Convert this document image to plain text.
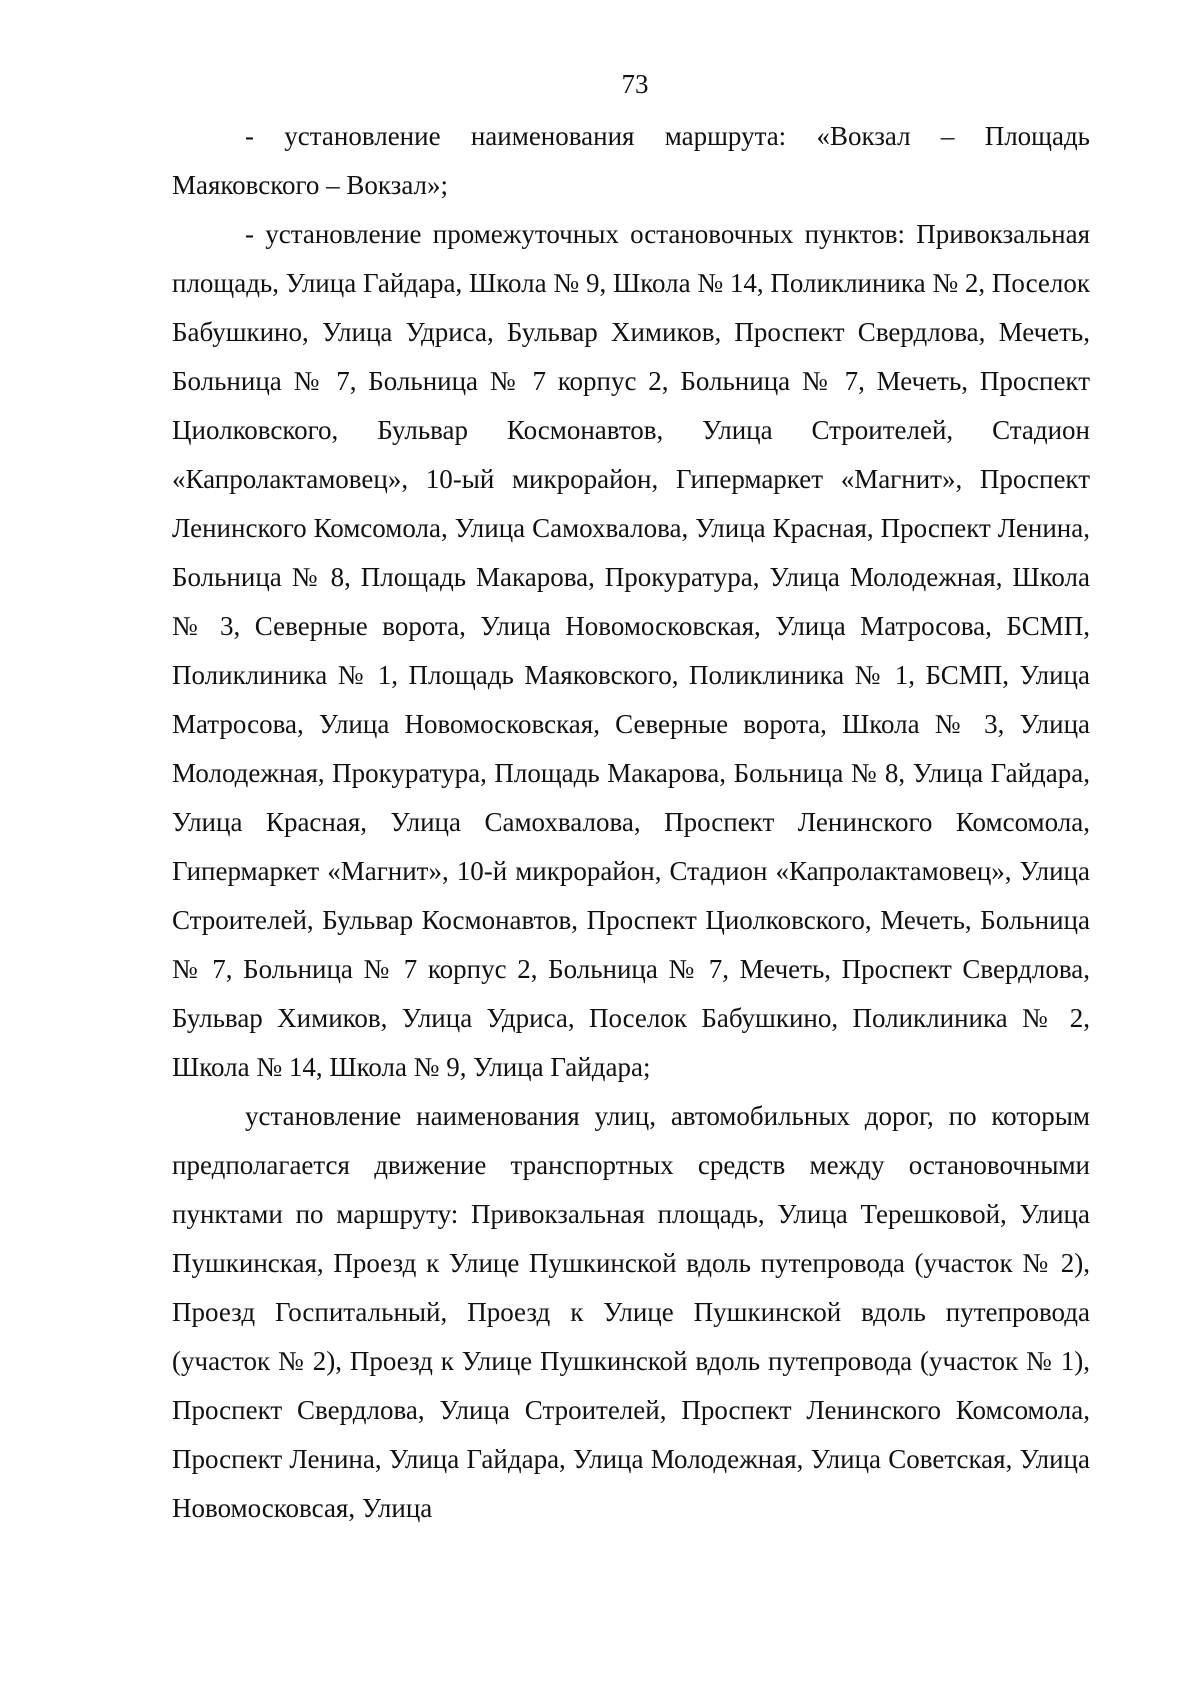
73

- установление наименования маршрута: «Вокзал – Площадь Маяковского – Вокзал»;

- установление промежуточных остановочных пунктов: Привокзальная площадь, Улица Гайдара, Школа № 9, Школа № 14, Поликлиника № 2, Поселок Бабушкино, Улица Удриса, Бульвар Химиков, Проспект Свердлова, Мечеть, Больница № 7, Больница № 7 корпус 2, Больница № 7, Мечеть, Проспект Циолковского, Бульвар Космонавтов, Улица Строителей, Стадион «Капролактамовец», 10-ый микрорайон, Гипермаркет «Магнит», Проспект Ленинского Комсомола, Улица Самохвалова, Улица Красная, Проспект Ленина, Больница № 8, Площадь Макарова, Прокуратура, Улица Молодежная, Школа № 3, Северные ворота, Улица Новомосковская, Улица Матросова, БСМП, Поликлиника № 1, Площадь Маяковского, Поликлиника № 1, БСМП, Улица Матросова, Улица Новомосковская, Северные ворота, Школа № 3, Улица Молодежная, Прокуратура, Площадь Макарова, Больница № 8, Улица Гайдара, Улица Красная, Улица Самохвалова, Проспект Ленинского Комсомола, Гипермаркет «Магнит», 10-й микрорайон, Стадион «Капролактамовец», Улица Строителей, Бульвар Космонавтов, Проспект Циолковского, Мечеть, Больница № 7, Больница № 7 корпус 2, Больница № 7, Мечеть, Проспект Свердлова, Бульвар Химиков, Улица Удриса, Поселок Бабушкино, Поликлиника № 2, Школа № 14, Школа № 9, Улица Гайдара;

установление наименования улиц, автомобильных дорог, по которым предполагается движение транспортных средств между остановочными пунктами по маршруту: Привокзальная площадь, Улица Терешковой, Улица Пушкинская, Проезд к Улице Пушкинской вдоль путепровода (участок № 2), Проезд Госпитальный, Проезд к Улице Пушкинской вдоль путепровода (участок № 2), Проезд к Улице Пушкинской вдоль путепровода (участок № 1), Проспект Свердлова, Улица Строителей, Проспект Ленинского Комсомола, Проспект Ленина, Улица Гайдара, Улица Молодежная, Улица Советская, Улица Новомосковсая, Улица
